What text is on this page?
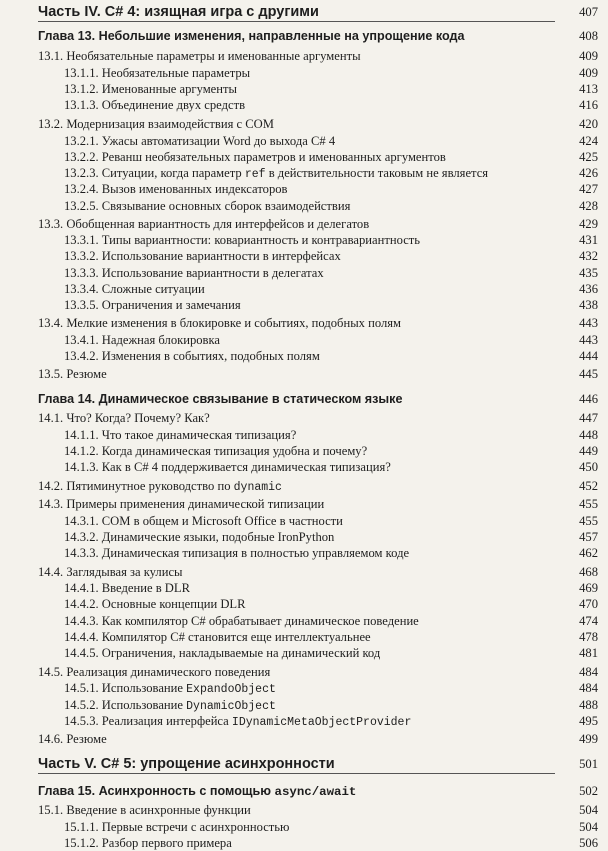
Часть IV. C# 4: изящная игра с другими	407
Глава 13. Небольшие изменения, направленные на упрощение кода	408
13.1. Необязательные параметры и именованные аргументы	409
13.1.1. Необязательные параметры	409
13.1.2. Именованные аргументы	413
13.1.3. Объединение двух средств	416
13.2. Модернизация взаимодействия с COM	420
13.2.1. Ужасы автоматизации Word до выхода C# 4	424
13.2.2. Реванш необязательных параметров и именованных аргументов	425
13.2.3. Ситуации, когда параметр ref в действительности таковым не является	426
13.2.4. Вызов именованных индексаторов	427
13.2.5. Связывание основных сборок взаимодействия	428
13.3. Обобщенная вариантность для интерфейсов и делегатов	429
13.3.1. Типы вариантности: ковариантность и контравариантность	431
13.3.2. Использование вариантности в интерфейсах	432
13.3.3. Использование вариантности в делегатах	435
13.3.4. Сложные ситуации	436
13.3.5. Ограничения и замечания	438
13.4. Мелкие изменения в блокировке и событиях, подобных полям	443
13.4.1. Надежная блокировка	443
13.4.2. Изменения в событиях, подобных полям	444
13.5. Резюме	445
Глава 14. Динамическое связывание в статическом языке	446
14.1. Что? Когда? Почему? Как?	447
14.1.1. Что такое динамическая типизация?	448
14.1.2. Когда динамическая типизация удобна и почему?	449
14.1.3. Как в C# 4 поддерживается динамическая типизация?	450
14.2. Пятиминутное руководство по dynamic	452
14.3. Примеры применения динамической типизации	455
14.3.1. COM в общем и Microsoft Office в частности	455
14.3.2. Динамические языки, подобные IronPython	457
14.3.3. Динамическая типизация в полностью управляемом коде	462
14.4. Заглядывая за кулисы	468
14.4.1. Введение в DLR	469
14.4.2. Основные концепции DLR	470
14.4.3. Как компилятор C# обрабатывает динамическое поведение	474
14.4.4. Компилятор C# становится еще интеллектуальнее	478
14.4.5. Ограничения, накладываемые на динамический код	481
14.5. Реализация динамического поведения	484
14.5.1. Использование ExpandoObject	484
14.5.2. Использование DynamicObject	488
14.5.3. Реализация интерфейса IDynamicMetaObjectProvider	495
14.6. Резюме	499
Часть V. C# 5: упрощение асинхронности	501
Глава 15. Асинхронность с помощью async/await	502
15.1. Введение в асинхронные функции	504
15.1.1. Первые встречи с асинхронностью	504
15.1.2. Разбор первого примера	506
